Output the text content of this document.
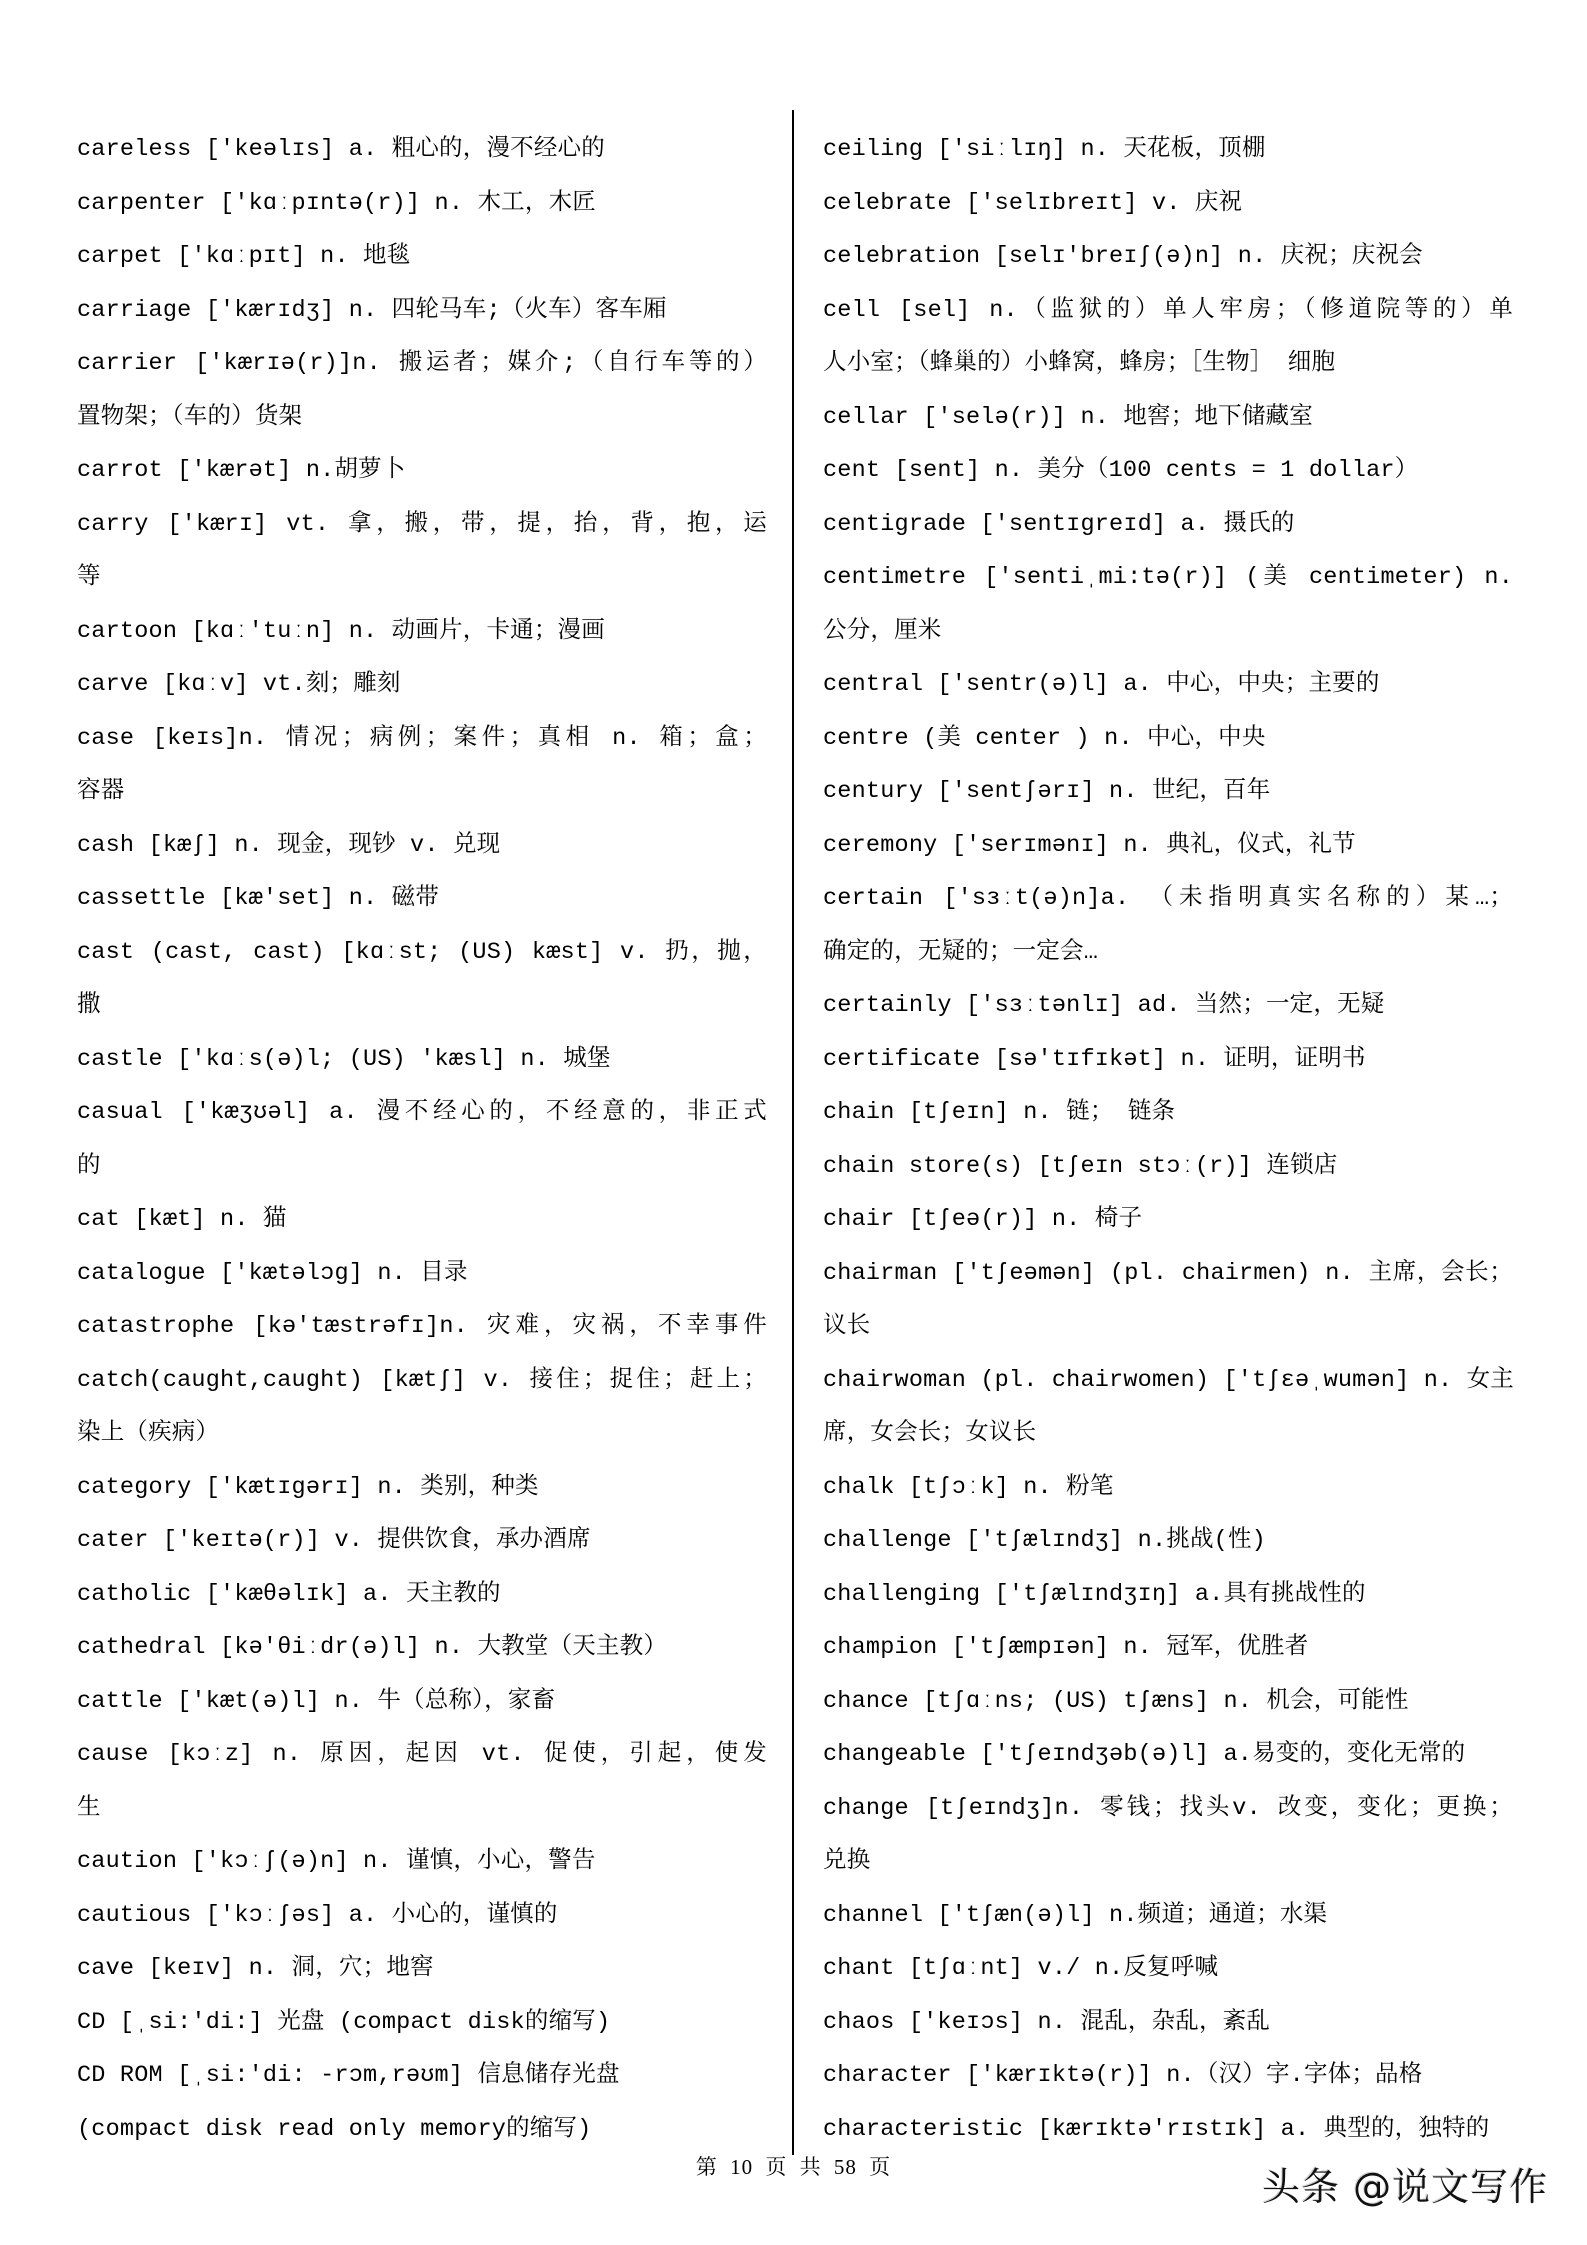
careless ['keəlɪs] a. 粗心的，漫不经心的
carpenter ['kɑːpɪntə(r)] n. 木工，木匠
carpet ['kɑːpɪt] n. 地毯
carriage ['kærɪdʒ] n. 四轮马车;（火车）客车厢
carrier ['kærɪə(r)]n. 搬运者；媒介;（自行车等的）
置物架；（车的）货架
carrot ['kærət] n.胡萝卜
carry ['kærɪ] vt. 拿，搬，带，提，抬，背，抱，运
等
cartoon [kɑː'tuːn] n. 动画片，卡通；漫画
carve [kɑːv] vt.刻；雕刻
case [keɪs]n. 情况；病例；案件；真相 n. 箱；盒；
容器
cash [kæʃ] n. 现金，现钞 v. 兑现
cassettle [kæ'set] n. 磁带
cast (cast, cast) [kɑːst; (US) kæst] v. 扔，抛，
撒
castle ['kɑːs(ə)l; (US) 'kæsl] n. 城堡
casual ['kæʒʊəl] a. 漫不经心的，不经意的，非正式
的
cat [kæt] n. 猫
catalogue ['kætəlɔg] n. 目录
catastrophe [kə'tæstrəfɪ]n. 灾难，灾祸，不幸事件
catch(caught,caught) [kætʃ] v. 接住；捉住；赶上；
染上（疾病）
category ['kætɪgərɪ] n. 类别，种类
cater ['keɪtə(r)] v. 提供饮食，承办酒席
catholic ['kæθəlɪk] a. 天主教的
cathedral [kə'θiːdr(ə)l] n. 大教堂（天主教）
cattle ['kæt(ə)l] n. 牛（总称），家畜
cause [kɔːz] n. 原因，起因 vt. 促使，引起，使发
生
caution ['kɔːʃ(ə)n] n. 谨慎，小心，警告
cautious ['kɔːʃəs] a. 小心的，谨慎的
cave [keɪv] n. 洞，穴；地窖
CD [ˌsi:'di:] 光盘 (compact disk的缩写)
CD ROM [ˌsi:'di: -rɔm,rəʊm] 信息储存光盘
(compact disk read only memory的缩写)
ceiling ['siːlɪŋ] n. 天花板，顶棚
celebrate ['selɪbreɪt] v. 庆祝
celebration [selɪ'breɪʃ(ə)n] n. 庆祝；庆祝会
cell [sel] n.（监狱的）单人牢房；（修道院等的）单
人小室；（蜂巢的）小蜂窝，蜂房；［生物］ 细胞
cellar ['selə(r)] n. 地窖；地下储藏室
cent [sent] n. 美分（100 cents = 1 dollar）
centigrade ['sentɪgreɪd] a. 摄氏的
centimetre ['sentiˌmi:tə(r)] (美 centimeter) n.
公分，厘米
central ['sentr(ə)l] a. 中心，中央；主要的
centre (美 center ) n. 中心，中央
century ['sentʃərɪ] n. 世纪，百年
ceremony ['serɪmənɪ] n. 典礼，仪式，礼节
certain ['sɜːt(ə)n]a. （未指明真实名称的）某…；
确定的，无疑的；一定会…
certainly ['sɜːtənlɪ] ad. 当然；一定，无疑
certificate [sə'tɪfɪkət] n. 证明，证明书
chain [tʃeɪn] n. 链； 链条
chain store(s) [tʃeɪn stɔː(r)] 连锁店
chair [tʃeə(r)] n. 椅子
chairman ['tʃeəmən] (pl. chairmen) n. 主席，会长；
议长
chairwoman (pl. chairwomen) ['tʃɛəˌwumən] n. 女主
席，女会长；女议长
chalk [tʃɔːk] n. 粉笔
challenge ['tʃælɪndʒ] n.挑战(性)
challenging ['tʃælɪndʒɪŋ] a.具有挑战性的
champion ['tʃæmpɪən] n. 冠军，优胜者
chance [tʃɑːns; (US) tʃæns] n. 机会，可能性
changeable ['tʃeɪndʒəb(ə)l] a.易变的，变化无常的
change [tʃeɪndʒ]n. 零钱；找头v. 改变，变化；更换；
兑换
channel ['tʃæn(ə)l] n.频道；通道；水渠
chant [tʃɑːnt] v./ n.反复呼喊
chaos ['keɪɔs] n. 混乱，杂乱，紊乱
character ['kærɪktə(r)] n.（汉）字.字体；品格
characteristic [kærɪktə'rɪstɪk] a. 典型的，独特的
第 10 页 共 58 页	头条 @说文写作
